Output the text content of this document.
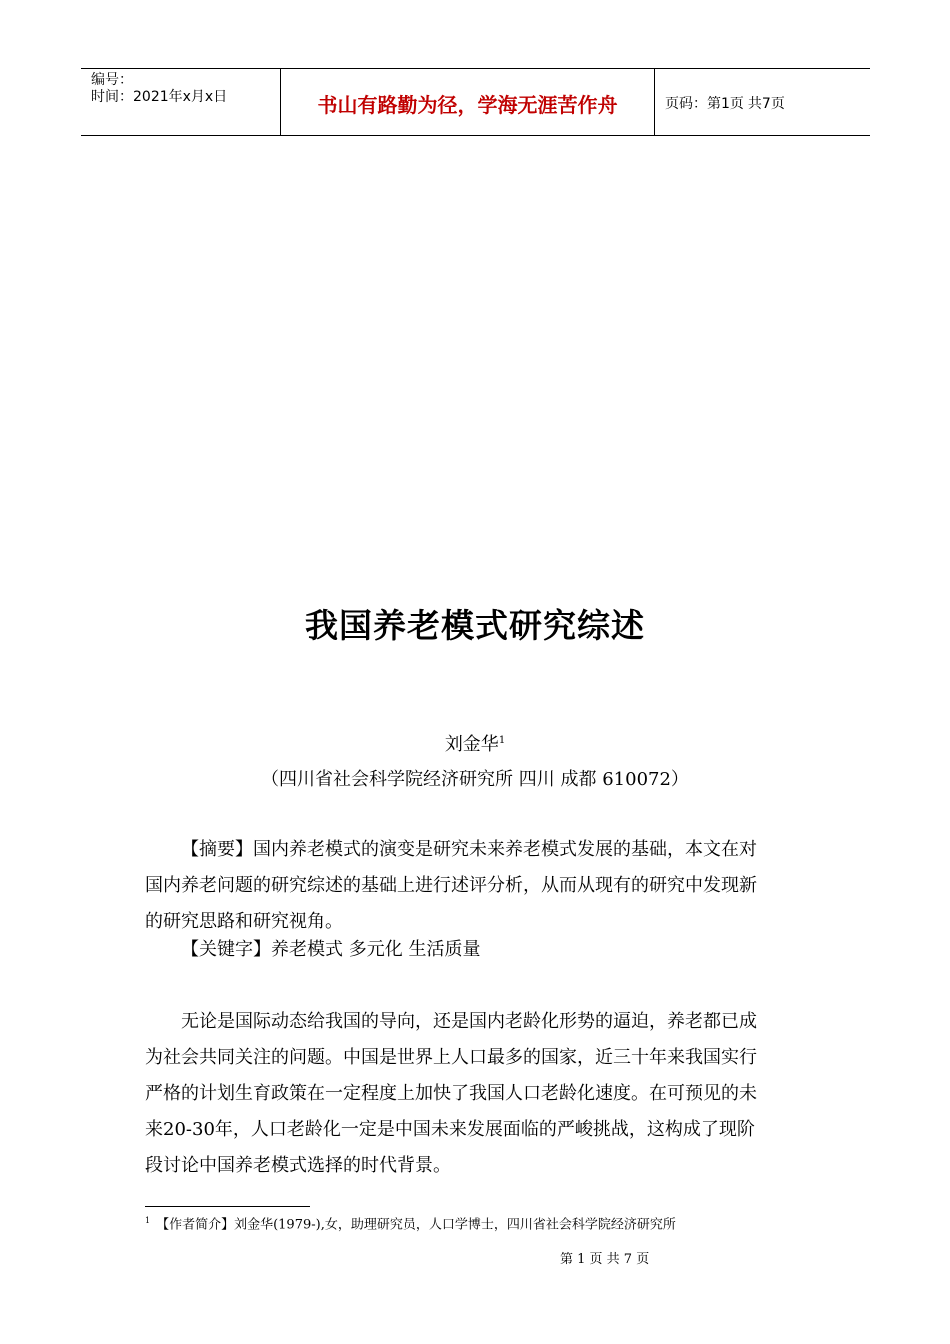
编号：
时间：2021年x月x日	书山有路勤为径，学海无涯苦作舟	页码：第1页 共7页
我国养老模式研究综述
刘金华$^1$
（四川省社会科学院经济研究所 四川 成都 610072）
【摘要】国内养老模式的演变是研究未来养老模式发展的基础，本文在对
国内养老问题的研究综述的基础上进行述评分析，从而从现有的研究中发现新
的研究思路和研究视角。
【关键字】养老模式 多元化 生活质量
无论是国际动态给我国的导向，还是国内老龄化形势的逼迫，养老都已成
为社会共同关注的问题。中国是世界上人口最多的国家，近三十年来我国实行
严格的计划生育政策在一定程度上加快了我国人口老龄化速度。在可预见的未
来20-30年，人口老龄化一定是中国未来发展面临的严峻挑战，这构成了现阶
段讨论中国养老模式选择的时代背景。
$^1$ 【作者简介】刘金华(1979-),女，助理研究员，人口学博士，四川省社会科学院经济研究所
第 1 页 共 7 页
